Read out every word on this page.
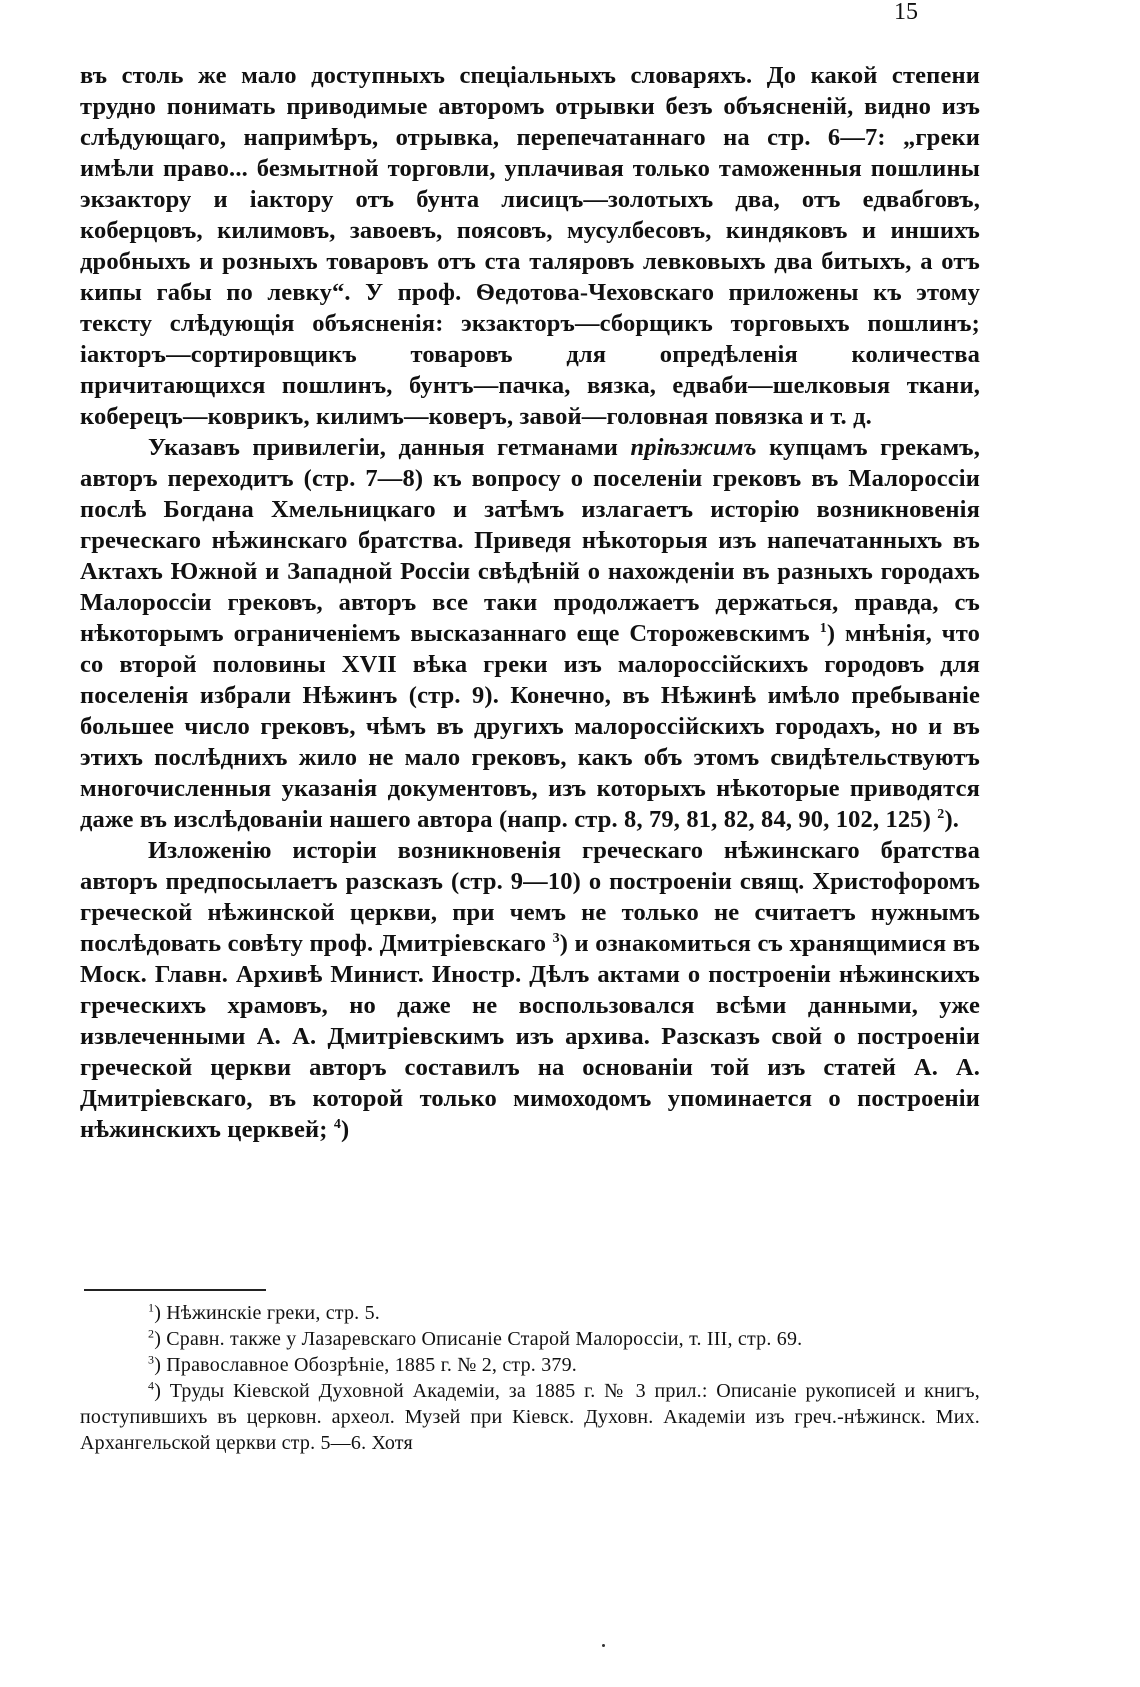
15

въ столь же мало доступныхъ спеціальныхъ словаряхъ. До какой степени трудно понимать приводимые авторомъ отрывки безъ объясненій, видно изъ слѣдующаго, напримѣръ, отрывка, перепечатаннаго на стр. 6—7: „греки имѣли право... безмытной торговли, уплачивая только таможенныя пошлины экзактору и іактору отъ бунта лисицъ—золотыхъ два, отъ едвабговъ, коберцовъ, килимовъ, завоевъ, поясовъ, мусулбесовъ, киндяковъ и иншихъ дробныхъ и розныхъ товаровъ отъ ста таляровъ левковыхъ два битыхъ, а отъ кипы габы по левку“. У проф. Ѳедотова-Чеховскаго приложены къ этому тексту слѣдующія объясненія: экзакторъ—сборщикъ торговыхъ пошлинъ; іакторъ—сортировщикъ товаровъ для опредѣленія количества причитающихся пошлинъ, бунтъ—пачка, вязка, едваби—шелковыя ткани, коберецъ—коврикъ, килимъ—коверъ, завой—головная повязка и т. д.

Указавъ привилегіи, данныя гетманами пріѣзжимъ купцамъ грекамъ, авторъ переходитъ (стр. 7—8) къ вопросу о поселеніи грековъ въ Малороссіи послѣ Богдана Хмельницкаго и затѣмъ излагаетъ исторію возникновенія греческаго нѣжинскаго братства. Приведя нѣкоторыя изъ напечатанныхъ въ Актахъ Южной и Западной Россіи свѣдѣній о нахожденіи въ разныхъ городахъ Малороссіи грековъ, авторъ все таки продолжаетъ держаться, правда, съ нѣкоторымъ ограниченіемъ высказаннаго еще Сторожевскимъ $^1$) мнѣнія, что со второй половины XVII вѣка греки изъ малороссійскихъ городовъ для поселенія избрали Нѣжинъ (стр. 9). Конечно, въ Нѣжинѣ имѣло пребываніе большее число грековъ, чѣмъ въ другихъ малороссійскихъ городахъ, но и въ этихъ послѣднихъ жило не мало грековъ, какъ объ этомъ свидѣтельствуютъ многочисленныя указанія документовъ, изъ которыхъ нѣкоторые приводятся даже въ изслѣдованіи нашего автора (напр. стр. 8, 79, 81, 82, 84, 90, 102, 125) $^2$).

Изложенію исторіи возникновенія греческаго нѣжинскаго братства авторъ предпосылаетъ разсказъ (стр. 9—10) о построеніи свящ. Христофоромъ греческой нѣжинской церкви, при чемъ не только не считаетъ нужнымъ послѣдовать совѣту проф. Дмитріевскаго $^3$) и ознакомиться съ хранящимися въ Моск. Главн. Архивѣ Минист. Иностр. Дѣлъ актами о построеніи нѣжинскихъ греческихъ храмовъ, но даже не воспользовался всѣми данными, уже извлеченными А. А. Дмитріевскимъ изъ архива. Разсказъ свой о построеніи греческой церкви авторъ составилъ на основаніи той изъ статей А. А. Дмитріевскаго, въ которой только мимоходомъ упоминается о построеніи нѣжинскихъ церквей; $^4$)

$^1$) Нѣжинскіе греки, стр. 5.

$^2$) Сравн. также у Лазаревскаго Описаніе Старой Малороссіи, т. III, стр. 69.

$^3$) Православное Обозрѣніе, 1885 г. № 2, стр. 379.

$^4$) Труды Кіевской Духовной Академіи, за 1885 г. № 3 прил.: Описаніе рукописей и книгъ, поступившихъ въ церковн. археол. Музей при Кіевск. Духовн. Академіи изъ греч.-нѣжинск. Мих. Архангельской церкви стр. 5—6. Хотя
